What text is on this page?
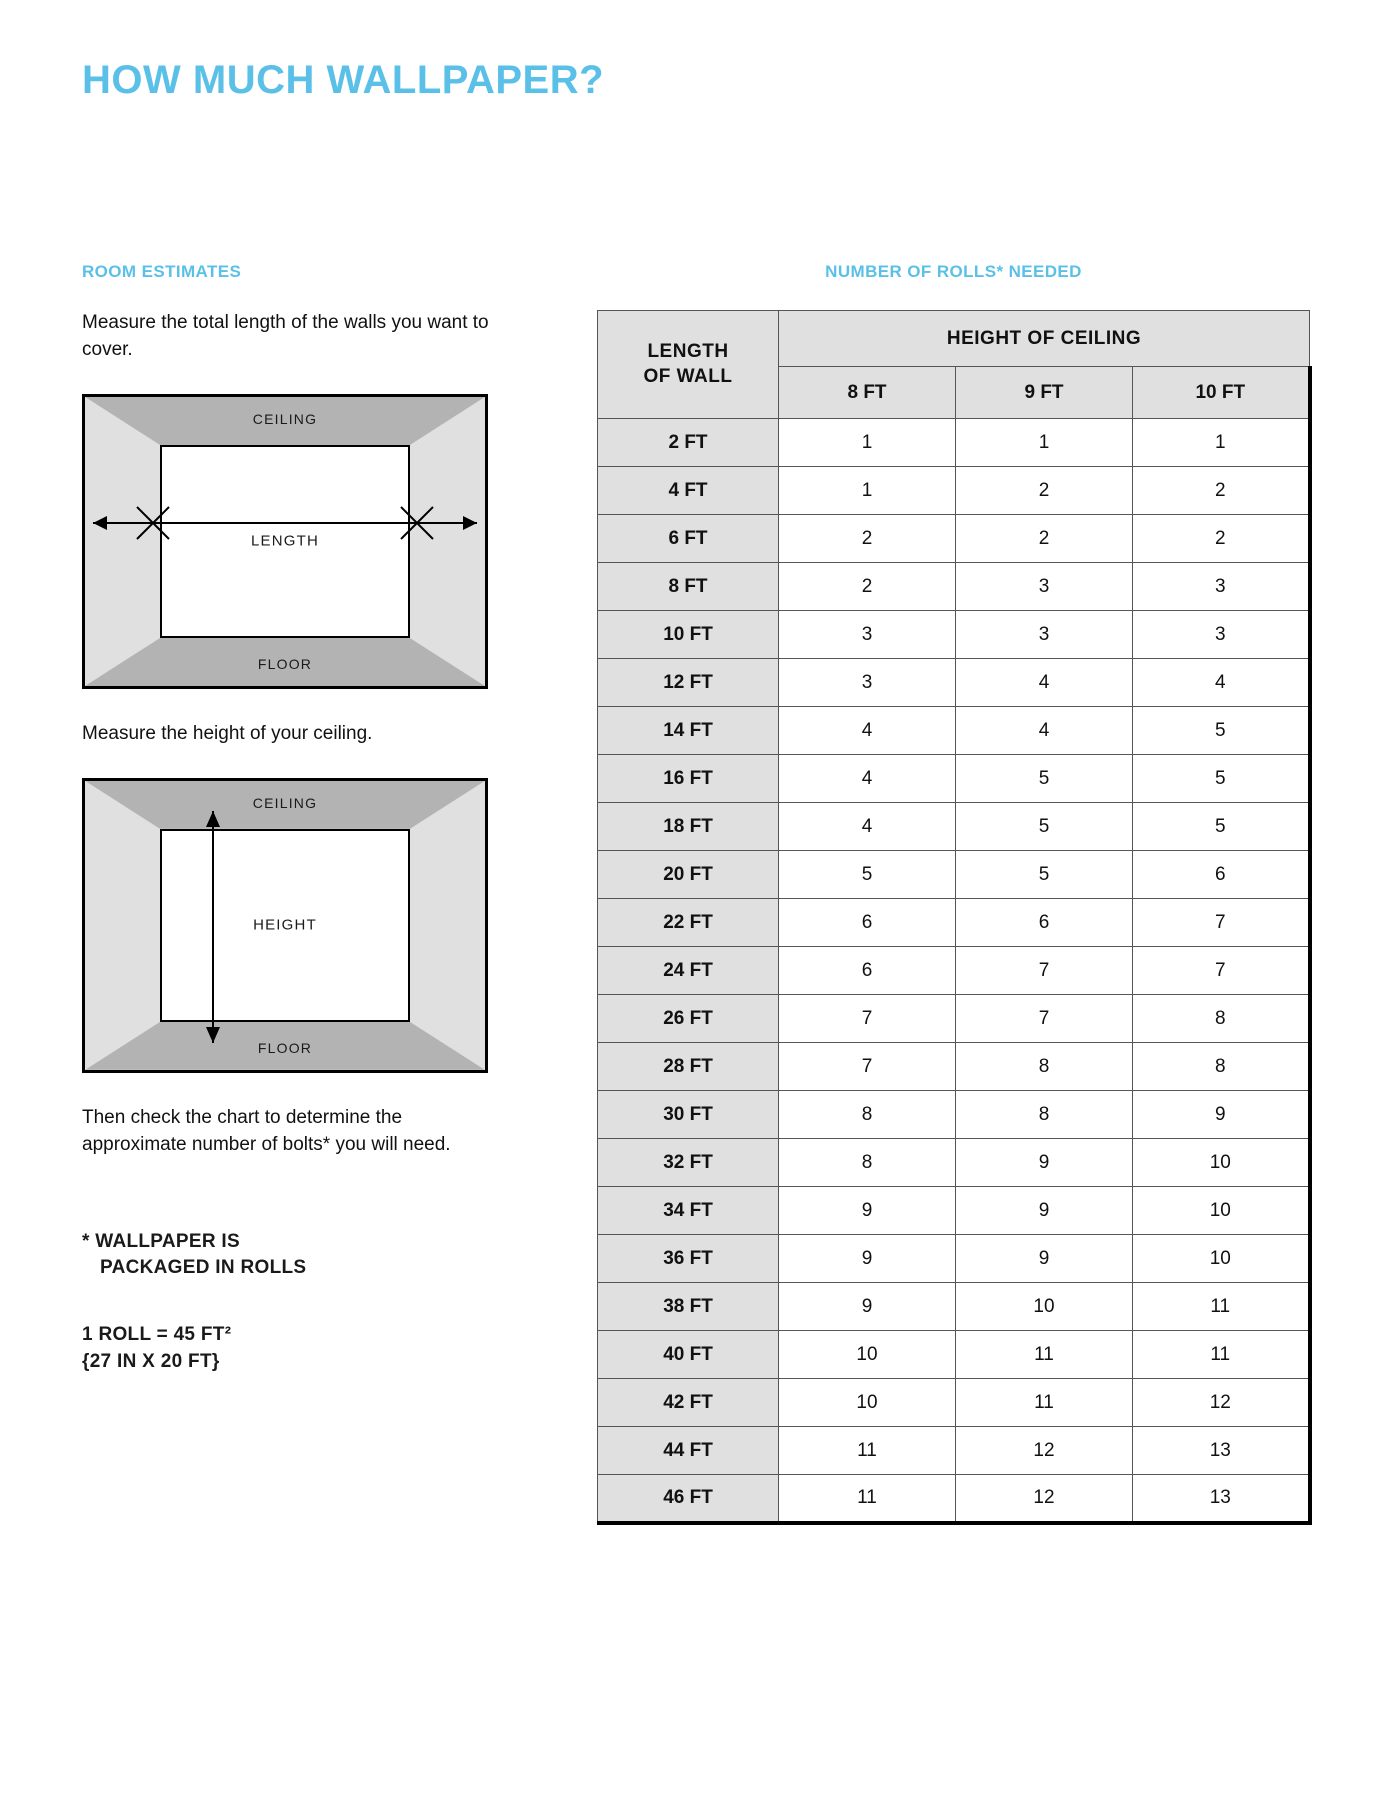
HOW MUCH WALLPAPER?
ROOM ESTIMATES

Measure the total length of the walls you want to cover.

CEILING
FLOOR
LENGTH

Measure the height of your ceiling.

CEILING
FLOOR
HEIGHT

Then check the chart to determine the approximate number of bolts* you will need.

* WALLPAPER IS
PACKAGED IN ROLLS
1 ROLL = 45 FT²
{27 IN X 20 FT}
NUMBER OF ROLLS* NEEDED
LENGTH
OF WALL	HEIGHT OF CEILING		
	8 FT	9 FT	10 FT
2 FT	1	1	1
4 FT	1	2	2
6 FT	2	2	2
8 FT	2	3	3
10 FT	3	3	3
12 FT	3	4	4
14 FT	4	4	5
16 FT	4	5	5
18 FT	4	5	5
20 FT	5	5	6
22 FT	6	6	7
24 FT	6	7	7
26 FT	7	7	8
28 FT	7	8	8
30 FT	8	8	9
32 FT	8	9	10
34 FT	9	9	10
36 FT	9	9	10
38 FT	9	10	11
40 FT	10	11	11
42 FT	10	11	12
44 FT	11	12	13
46 FT	11	12	13
